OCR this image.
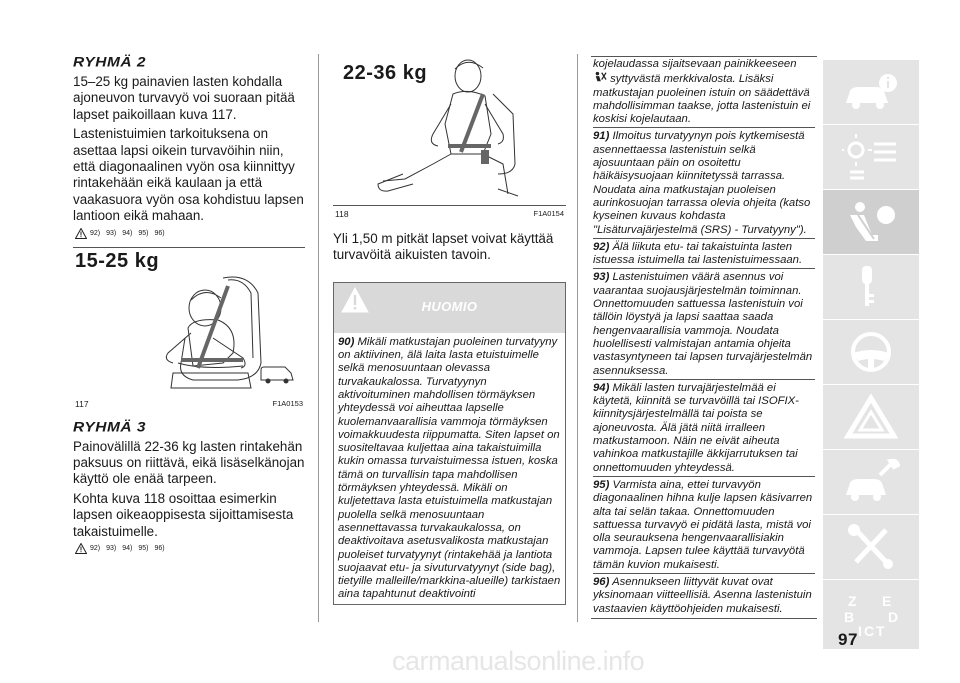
RYHMÄ 2

15–25 kg painavien lasten kohdalla ajoneuvon turvavyö voi suoraan pitää lapset paikoillaan kuva 117.

Lastenistuimien tarkoituksena on asettaa lapsi oikein turvavöihin niin, että diagonaalinen vyön osa kiinnittyy rintakehään eikä kaulaan ja että vaakasuora vyön osa kohdistuu lapsen lantioon eikä mahaan.

92) 93) 94) 95) 96)
15-25 kg
117	F1A0153
RYHMÄ 3

Painovälillä 22-36 kg lasten rintakehän paksuus on riittävä, eikä lisäselkänojan käyttö ole enää tarpeen.

Kohta kuva 118 osoittaa esimerkin lapsen oikeaoppisesta sijoittamisesta takaistuimelle.

92) 93) 94) 95) 96)
22-36 kg
118	F1A0154

Yli 1,50 m pitkät lapset voivat käyttää turvavöitä aikuisten tavoin.

HUOMIO

90) Mikäli matkustajan puoleinen turvatyyny on aktiivinen, älä laita lasta etuistuimelle selkä menosuuntaan olevassa turvakaukalossa. Turvatyynyn aktivoituminen mahdollisen törmäyksen yhteydessä voi aiheuttaa lapselle kuolemanvaarallisia vammoja törmäyksen voimakkuudesta riippumatta. Siten lapset on suositeltavaa kuljettaa aina takaistuimilla kukin omassa turvaistuimessa istuen, koska tämä on turvallisin tapa mahdollisen törmäyksen yhteydessä. Mikäli on kuljetettava lasta etuistuimella matkustajan puolella selkä menosuuntaan asennettavassa turvakaukalossa, on deaktivoitava asetusvalikosta matkustajan puoleiset turvatyynyt (rintakehää ja lantiota suojaavat etu- ja sivuturvatyynyt (side bag), tietyille malleille/markkina-alueille) tarkistaen aina tapahtunut deaktivointi

kojelaudassa sijaitsevaan painikkeeseen

syttyvästä merkkivalosta. Lisäksi matkustajan puoleinen istuin on säädettävä mahdollisimman taakse, jotta lastenistuin ei koskisi kojelautaan.

91) Ilmoitus turvatyynyn pois kytkemisestä asennettaessa lastenistuin selkä ajosuuntaan päin on osoitettu häikäisysuojaan kiinnitetyssä tarrassa. Noudata aina matkustajan puoleisen aurinkosuojan tarrassa olevia ohjeita (katso kyseinen kuvaus kohdasta "Lisäturvajärjestelmä (SRS) - Turvatyyny").

92) Älä liikuta etu- tai takaistuinta lasten istuessa istuimella tai lastenistuimessaan.

93) Lastenistuimen väärä asennus voi vaarantaa suojausjärjestelmän toiminnan. Onnettomuuden sattuessa lastenistuin voi tällöin löystyä ja lapsi saattaa saada hengenvaarallisia vammoja. Noudata huolellisesti valmistajan antamia ohjeita vastasyntyneen tai lapsen turvajärjestelmän asennuksessa.

94) Mikäli lasten turvajärjestelmää ei käytetä, kiinnitä se turvavöillä tai ISOFIX-kiinnitysjärjestelmällä tai poista se ajoneuvosta. Älä jätä niitä irralleen matkustamoon. Näin ne eivät aiheuta vahinkoa matkustajille äkkijarrutuksen tai onnettomuuden yhteydessä.

95) Varmista aina, ettei turvavyön diagonaalinen hihna kulje lapsen käsivarren alta tai selän takaa. Onnettomuuden sattuessa turvavyö ei pidätä lasta, mistä voi olla seurauksena hengenvaarallisiakin vammoja. Lapsen tulee käyttää turvavyötä tämän kuvion mukaisesti.

96) Asennukseen liittyvät kuvat ovat yksinomaan viitteellisiä. Asenna lastenistuin vastaavien käyttöohjeiden mukaisesti.

Z E
B D
I C T
97
carmanualsonline.info
